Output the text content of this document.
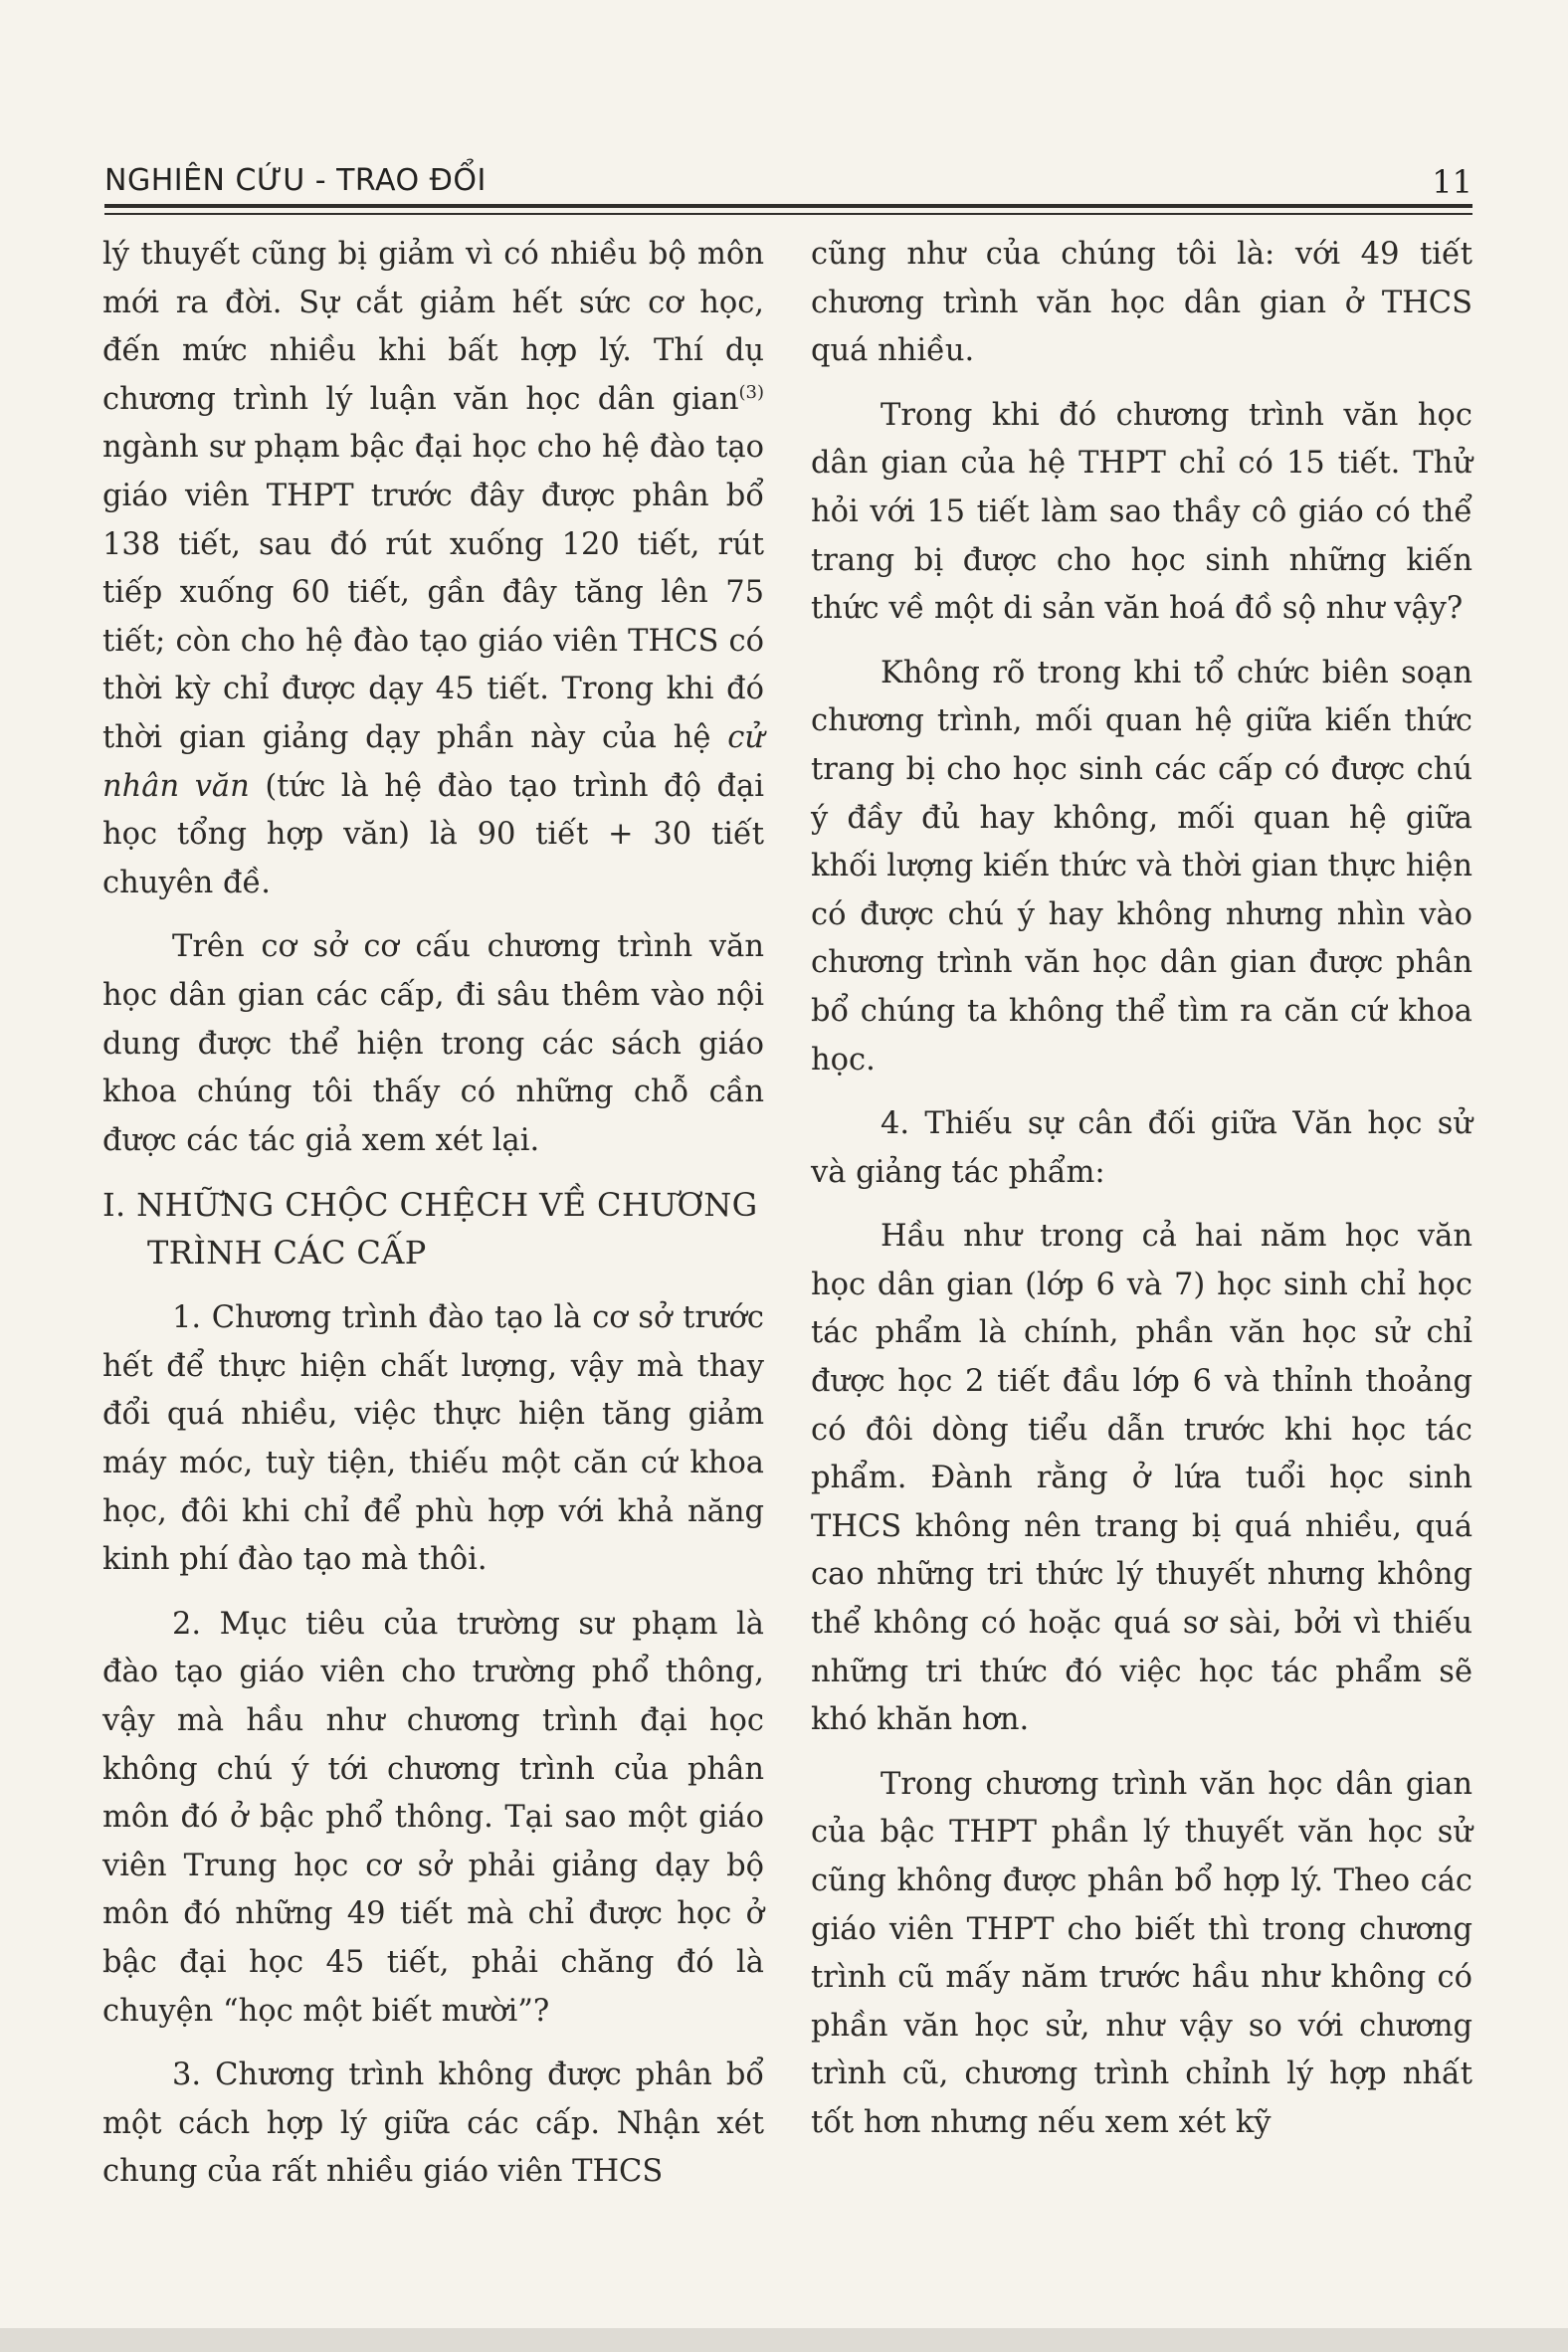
NGHIÊN CỨU - TRAO ĐỔI	11

lý thuyết cũng bị giảm vì có nhiều bộ môn mới ra đời. Sự cắt giảm hết sức cơ học, đến mức nhiều khi bất hợp lý. Thí dụ chương trình lý luận văn học dân gian$^{(3)}$ ngành sư phạm bậc đại học cho hệ đào tạo giáo viên THPT trước đây được phân bổ 138 tiết, sau đó rút xuống 120 tiết, rút tiếp xuống 60 tiết, gần đây tăng lên 75 tiết; còn cho hệ đào tạo giáo viên THCS có thời kỳ chỉ được dạy 45 tiết. Trong khi đó thời gian giảng dạy phần này của hệ cử nhân văn (tức là hệ đào tạo trình độ đại học tổng hợp văn) là 90 tiết + 30 tiết chuyên đề.

Trên cơ sở cơ cấu chương trình văn học dân gian các cấp, đi sâu thêm vào nội dung được thể hiện trong các sách giáo khoa chúng tôi thấy có những chỗ cần được các tác giả xem xét lại.

I. NHỮNG CHỘC CHỆCH VỀ CHƯƠNG TRÌNH CÁC CẤP

1. Chương trình đào tạo là cơ sở trước hết để thực hiện chất lượng, vậy mà thay đổi quá nhiều, việc thực hiện tăng giảm máy móc, tuỳ tiện, thiếu một căn cứ khoa học, đôi khi chỉ để phù hợp với khả năng kinh phí đào tạo mà thôi.

2. Mục tiêu của trường sư phạm là đào tạo giáo viên cho trường phổ thông, vậy mà hầu như chương trình đại học không chú ý tới chương trình của phân môn đó ở bậc phổ thông. Tại sao một giáo viên Trung học cơ sở phải giảng dạy bộ môn đó những 49 tiết mà chỉ được học ở bậc đại học 45 tiết, phải chăng đó là chuyện “học một biết mười”?

3. Chương trình không được phân bổ một cách hợp lý giữa các cấp. Nhận xét chung của rất nhiều giáo viên THCS

cũng như của chúng tôi là: với 49 tiết chương trình văn học dân gian ở THCS quá nhiều.

Trong khi đó chương trình văn học dân gian của hệ THPT chỉ có 15 tiết. Thử hỏi với 15 tiết làm sao thầy cô giáo có thể trang bị được cho học sinh những kiến thức về một di sản văn hoá đồ sộ như vậy?

Không rõ trong khi tổ chức biên soạn chương trình, mối quan hệ giữa kiến thức trang bị cho học sinh các cấp có được chú ý đầy đủ hay không, mối quan hệ giữa khối lượng kiến thức và thời gian thực hiện có được chú ý hay không nhưng nhìn vào chương trình văn học dân gian được phân bổ chúng ta không thể tìm ra căn cứ khoa học.

4. Thiếu sự cân đối giữa Văn học sử và giảng tác phẩm:

Hầu như trong cả hai năm học văn học dân gian (lớp 6 và 7) học sinh chỉ học tác phẩm là chính, phần văn học sử chỉ được học 2 tiết đầu lớp 6 và thỉnh thoảng có đôi dòng tiểu dẫn trước khi học tác phẩm. Đành rằng ở lứa tuổi học sinh THCS không nên trang bị quá nhiều, quá cao những tri thức lý thuyết nhưng không thể không có hoặc quá sơ sài, bởi vì thiếu những tri thức đó việc học tác phẩm sẽ khó khăn hơn.

Trong chương trình văn học dân gian của bậc THPT phần lý thuyết văn học sử cũng không được phân bổ hợp lý. Theo các giáo viên THPT cho biết thì trong chương trình cũ mấy năm trước hầu như không có phần văn học sử, như vậy so với chương trình cũ, chương trình chỉnh lý hợp nhất tốt hơn nhưng nếu xem xét kỹ
